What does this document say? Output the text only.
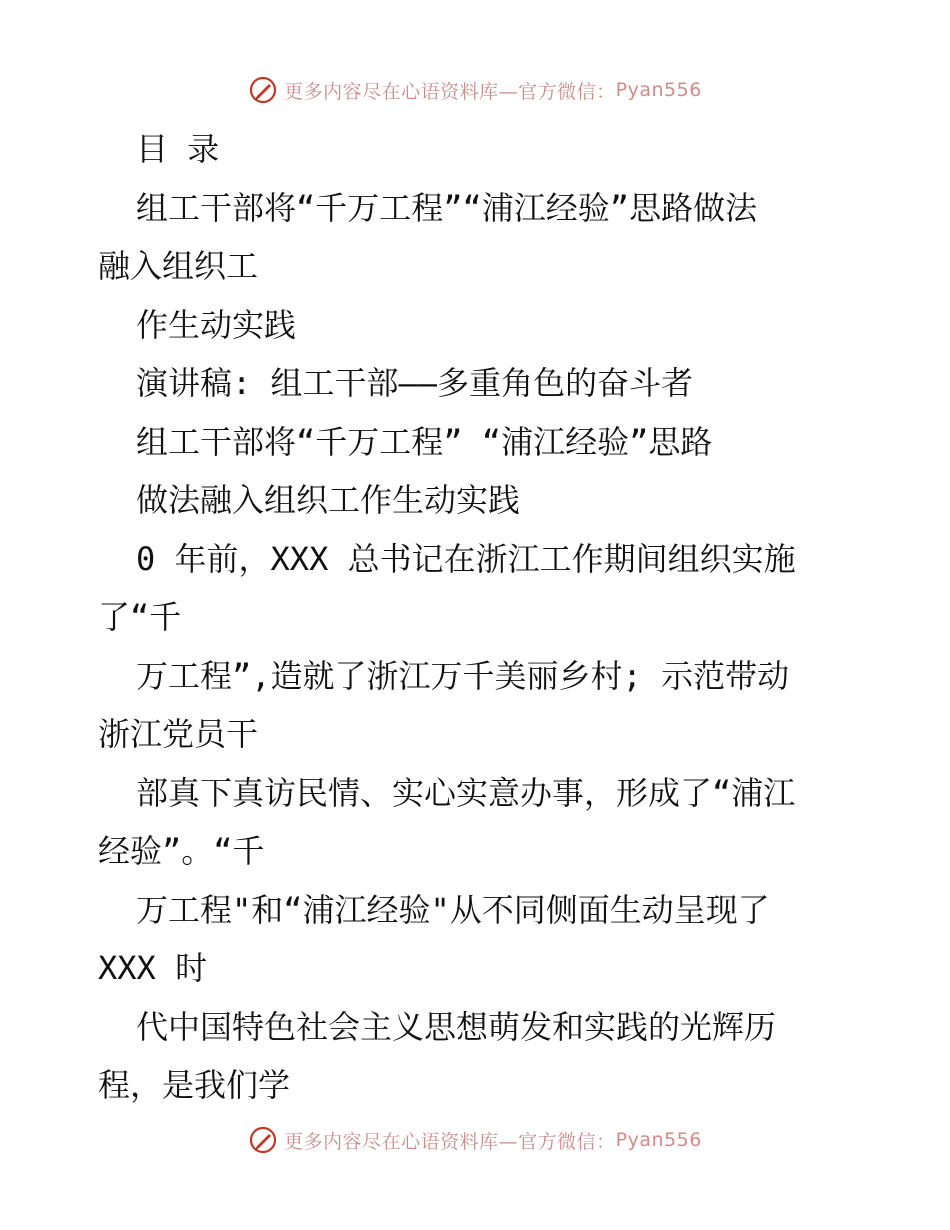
更多内容尽在心语资料库—官方微信： Pyan556
目 录
组工干部将“千万工程”“浦江经验”思路做法
融入组织工
作生动实践
演讲稿: 组工干部——多重角色的奋斗者
组工干部将“千万工程” “浦江经验”思路
做法融入组织工作生动实践
0 年前，XXX 总书记在浙江工作期间组织实施
了“千
万工程”,造就了浙江万千美丽乡村; 示范带动
浙江党员干
部真下真访民情、实心实意办事，形成了“浦江
经验”。“千
万工程"和“浦江经验"从不同侧面生动呈现了
XXX 时
代中国特色社会主义思想萌发和实践的光辉历
程，是我们学
更多内容尽在心语资料库—官方微信： Pyan556
